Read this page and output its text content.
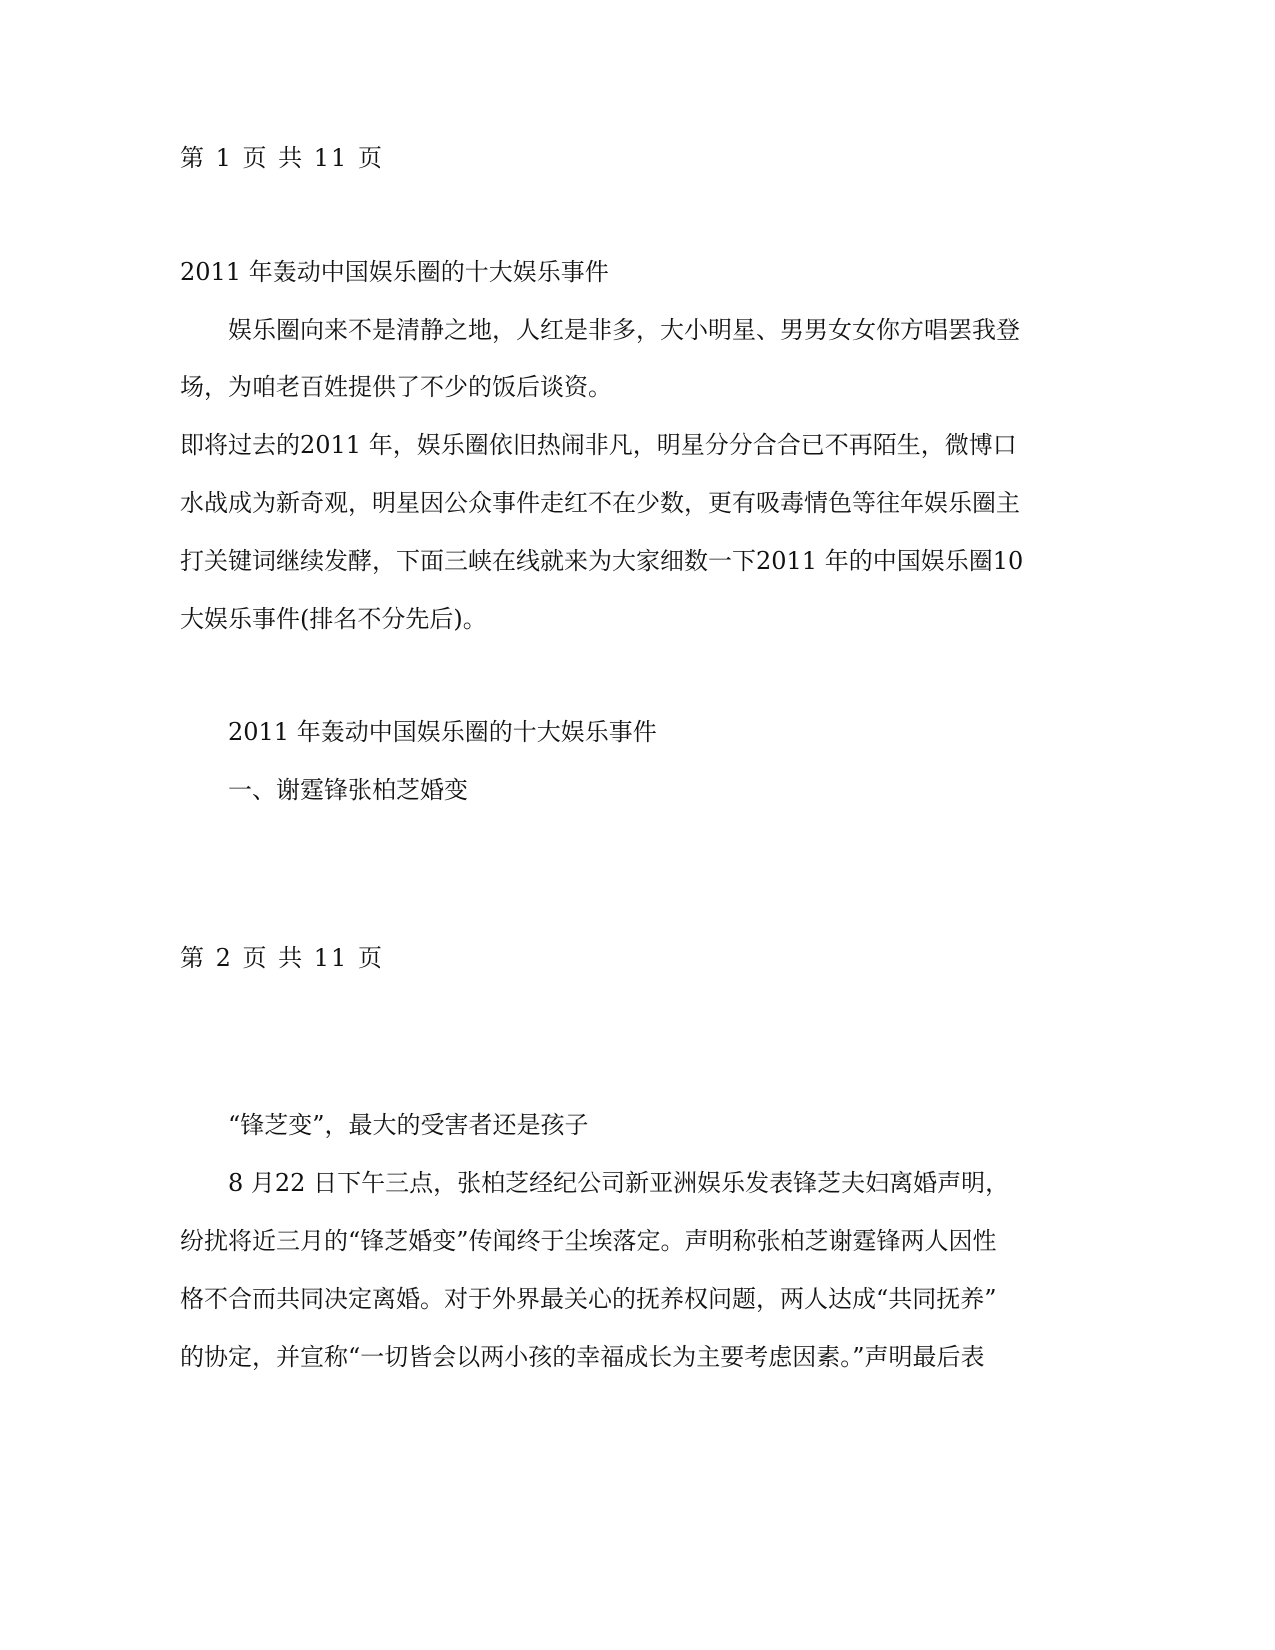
第 1 页 共 11 页

2011 年轰动中国娱乐圈的十大娱乐事件

娱乐圈向来不是清静之地，人红是非多，大小明星、男男女女你方唱罢我登

场，为咱老百姓提供了不少的饭后谈资。

即将过去的2011 年，娱乐圈依旧热闹非凡，明星分分合合已不再陌生，微博口

水战成为新奇观，明星因公众事件走红不在少数，更有吸毒情色等往年娱乐圈主

打关键词继续发酵，下面三峡在线就来为大家细数一下2011 年的中国娱乐圈10

大娱乐事件(排名不分先后)。

2011 年轰动中国娱乐圈的十大娱乐事件

一、谢霆锋张柏芝婚变

第 2 页 共 11 页

“锋芝变”，最大的受害者还是孩子

8 月22 日下午三点，张柏芝经纪公司新亚洲娱乐发表锋芝夫妇离婚声明，

纷扰将近三月的“锋芝婚变”传闻终于尘埃落定。声明称张柏芝谢霆锋两人因性

格不合而共同决定离婚。对于外界最关心的抚养权问题，两人达成“共同抚养”

的协定，并宣称“一切皆会以两小孩的幸福成长为主要考虑因素。”声明最后表
